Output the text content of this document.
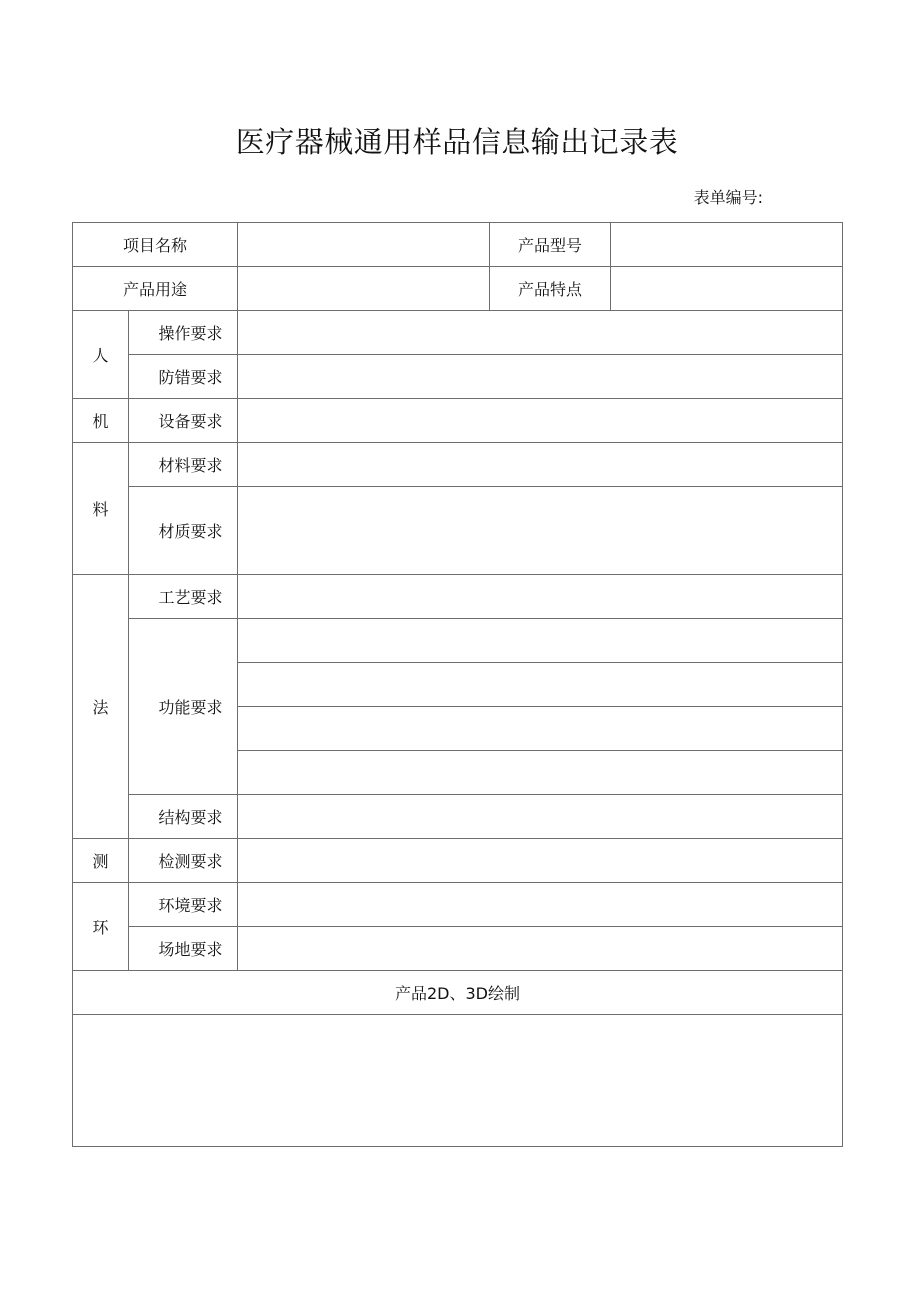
医疗器械通用样品信息输出记录表
表单编号:
项目名称			产品型号	
产品用途			产品特点	
人	操作要求			
	防错要求			
机	设备要求			
料	材料要求			
	材质要求			
法	工艺要求			
	功能要求			

	结构要求			
测	检测要求			
环	环境要求			
	场地要求			
产品2D、3D绘制				
